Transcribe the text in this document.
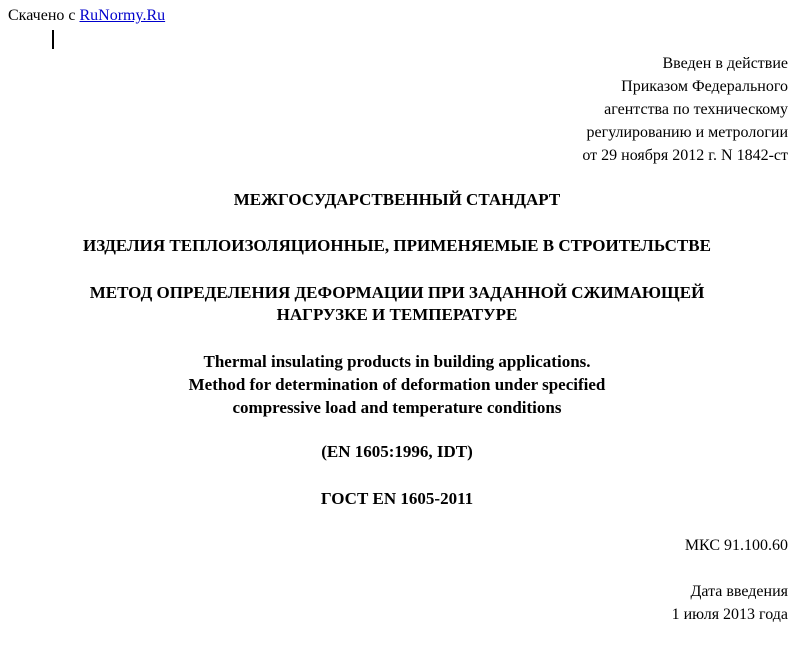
Скачено с RuNormy.Ru
Введен в действие
Приказом Федерального
агентства по техническому
регулированию и метрологии
от 29 ноября 2012 г. N 1842-ст
МЕЖГОСУДАРСТВЕННЫЙ СТАНДАРТ
ИЗДЕЛИЯ ТЕПЛОИЗОЛЯЦИОННЫЕ, ПРИМЕНЯЕМЫЕ В СТРОИТЕЛЬСТВЕ
МЕТОД ОПРЕДЕЛЕНИЯ ДЕФОРМАЦИИ ПРИ ЗАДАННОЙ СЖИМАЮЩЕЙ
НАГРУЗКЕ И ТЕМПЕРАТУРЕ
Thermal insulating products in building applications.
Method for determination of deformation under specified
compressive load and temperature conditions
(EN 1605:1996, IDT)
ГОСТ EN 1605-2011
МКС 91.100.60
Дата введения
1 июля 2013 года
